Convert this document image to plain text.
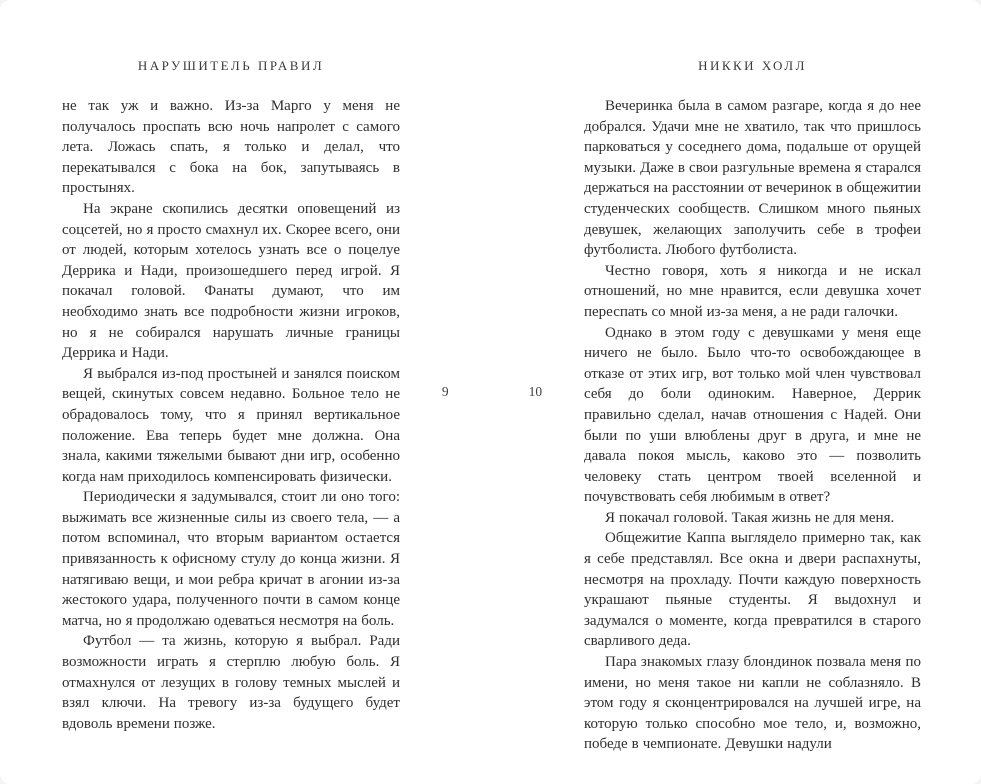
НАРУШИТЕЛЬ ПРАВИЛ

не так уж и важно. Из-за Марго у меня не получалось проспать всю ночь напролет с самого лета. Ложась спать, я только и делал, что перекатывался с бока на бок, запутываясь в простынях.

На экране скопились десятки оповещений из соцсетей, но я просто смахнул их. Скорее всего, они от людей, которым хотелось узнать все о поцелуе Деррика и Нади, произошедшего перед игрой. Я покачал головой. Фанаты думают, что им необходимо знать все подробности жизни игроков, но я не собирался нарушать личные границы Деррика и Нади.

Я выбрался из-под простыней и занялся поиском вещей, скинутых совсем недавно. Больное тело не обрадовалось тому, что я принял вертикальное положение. Ева теперь будет мне должна. Она знала, какими тяжелыми бывают дни игр, особенно когда нам приходилось компенсировать физически.

Периодически я задумывался, стоит ли оно того: выжимать все жизненные силы из своего тела, — а потом вспоминал, что вторым вариантом остается привязанность к офисному стулу до конца жизни. Я натягиваю вещи, и мои ребра кричат в агонии из-за жестокого удара, полученного почти в самом конце матча, но я продолжаю одеваться несмотря на боль.

Футбол — та жизнь, которую я выбрал. Ради возможности играть я стерплю любую боль. Я отмахнулся от лезущих в голову темных мыслей и взял ключи. На тревогу из-за будущего будет вдоволь времени позже.

9	10
НИККИ ХОЛЛ

Вечеринка была в самом разгаре, когда я до нее добрался. Удачи мне не хватило, так что пришлось парковаться у соседнего дома, подальше от орущей музыки. Даже в свои разгульные времена я старался держаться на расстоянии от вечеринок в общежитии студенческих сообществ. Слишком много пьяных девушек, желающих заполучить себе в трофеи футболиста. Любого футболиста.

Честно говоря, хоть я никогда и не искал отношений, но мне нравится, если девушка хочет переспать со мной из-за меня, а не ради галочки.

Однако в этом году с девушками у меня еще ничего не было. Было что-то освобождающее в отказе от этих игр, вот только мой член чувствовал себя до боли одиноким. Наверное, Деррик правильно сделал, начав отношения с Надей. Они были по уши влюблены друг в друга, и мне не давала покоя мысль, каково это — позволить человеку стать центром твоей вселенной и почувствовать себя любимым в ответ?

Я покачал головой. Такая жизнь не для меня.

Общежитие Каппа выглядело примерно так, как я себе представлял. Все окна и двери распахнуты, несмотря на прохладу. Почти каждую поверхность украшают пьяные студенты. Я выдохнул и задумался о моменте, когда превратился в старого сварливого деда.

Пара знакомых глазу блондинок позвала меня по имени, но меня такое ни капли не соблазняло. В этом году я сконцентрировался на лучшей игре, на которую только способно мое тело, и, возможно, победе в чемпионате. Девушки надули
